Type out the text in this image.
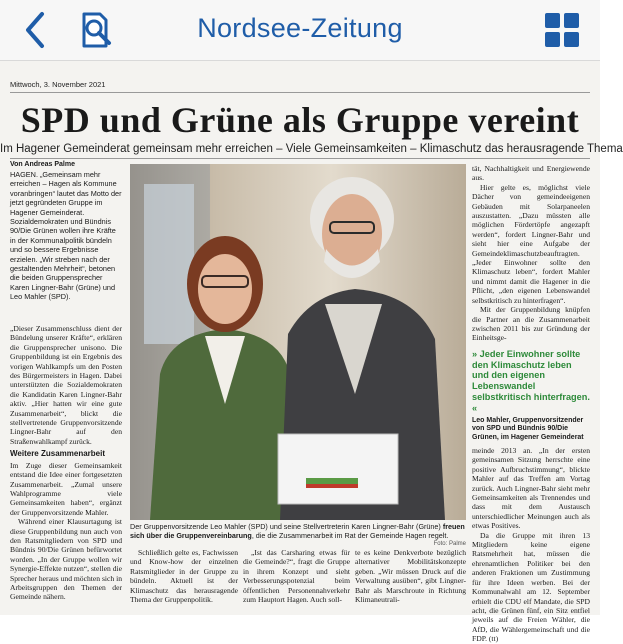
Nordsee-Zeitung
Mittwoch, 3. November 2021
SPD und Grüne als Gruppe vereint
Im Hagener Gemeinderat gemeinsam mehr erreichen – Viele Gemeinsamkeiten – Klimaschutz das herausragende Thema
Von Andreas Palme

HAGEN. „Gemeinsam mehr erreichen – Hagen als Kommune voranbringen“ lautet das Motto der jetzt gegründeten Gruppe im Hagener Gemeinderat. Sozialdemokraten und Bündnis 90/Die Grünen wollen ihre Kräfte in der Kommunalpolitik bündeln und so bessere Ergebnisse erzielen. „Wir streben nach der gestaltenden Mehrheit“, betonen die beiden Gruppensprecher Karen Lingner-Bahr (Grüne) und Leo Mahler (SPD).

„Dieser Zusammenschluss dient der Bündelung unserer Kräfte“, erklären die Gruppensprecher unisono. Die Gruppenbildung ist ein Ergebnis des vorigen Wahlkampfs um den Posten des Bürgermeisters in Hagen. Dabei unterstützten die Sozialdemokraten die Kandidatin Karen Lingner-Bahr aktiv. „Hier hatten wir eine gute Zusammenarbeit“, blickt die stellvertretende Gruppenvorsitzende Lingner-Bahr auf den Straßenwahlkampf zurück.

Weitere Zusammenarbeit

Im Zuge dieser Gemeinsamkeit entstand die Idee einer fortgesetzten Zusammenarbeit. „Zumal unsere Wahlprogramme viele Gemeinsamkeiten haben“, ergänzt der Gruppenvorsitzende Mahler.

Während einer Klausurtagung ist diese Gruppenbildung nun auch von den Ratsmitgliedern von SPD und Bündnis 90/Die Grünen befürwortet worden. „In der Gruppe wollen wir Synergie-Effekte nutzen“, stellen die Sprecher heraus und möchten sich in Arbeitsgruppen den Themen der Gemeinde nähern.

Der Gruppenvorsitzende Leo Mahler (SPD) und seine Stellvertreterin Karen Lingner-Bahr (Grüne) freuen sich über die Gruppenvereinbarung, die die Zusammenarbeit im Rat der Gemeinde Hagen regelt.
Foto: Palme

tät, Nachhaltigkeit und Energiewende aus.

Hier gelte es, möglichst viele Dächer von gemeindeeigenen Gebäuden mit Solarpaneelen auszustatten. „Dazu müssten alle möglichen Fördertöpfe angezapft werden“, fordert Lingner-Bahr und sieht hier eine Aufgabe der Gemeindeklimaschutzbeauftragten. „Jeder Einwohner sollte den Klimaschutz leben“, fordert Mahler und nimmt damit die Hagener in die Pflicht, „den eigenen Lebenswandel selbstkritisch zu hinterfragen“.

Mit der Gruppenbildung knüpfen die Partner an die Zusammenarbeit zwischen 2011 bis zur Gründung der Einheitsge-

» Jeder Einwohner sollte den Klimaschutz leben und den eigenen Lebenswandel selbstkritisch hinterfragen. «
Leo Mahler, Gruppenvorsitzender von SPD und Bündnis 90/Die Grünen, im Hagener Gemeinderat

meinde 2013 an. „In der ersten gemeinsamen Sitzung herrschte eine positive Aufbruchstimmung“, blickte Mahler auf das Treffen am Vortag zurück. Auch Lingner-Bahr sieht mehr Gemeinsamkeiten als Trennendes und dass mit dem Austausch unterschiedlicher Meinungen auch als etwas Positives.

Da die Gruppe mit ihren 13 Mitgliedern keine eigene Ratsmehrheit hat, müssen die ehrenamtlichen Politiker bei den anderen Fraktionen um Zustimmung für ihre Ideen werben. Bei der Kommunalwahl am 12. September erhielt die CDU elf Mandate, die SPD acht, die Grünen fünf, ein Sitz entfiel jeweils auf die Freien Wähler, die AfD, die Wählergemeinschaft und die FDP. (tt)

Schließlich gelte es, Fachwissen und Know-how der einzelnen Ratsmitglieder in der Gruppe zu bündeln. Aktuell ist der Klimaschutz das herausragende Thema der Gruppenpolitik.

„Ist das Carsharing etwas für die Gemeinde?“, fragt die Gruppe in ihrem Konzept und sieht Verbesserungspotenzial beim öffentlichen Personennahverkehr zum Hauptort Hagen. Auch soll-

te es keine Denkverbote bezüglich alternativer Mobilitätskonzepte geben. „Wir müssen Druck auf die Verwaltung ausüben“, gibt Lingner-Bahr als Marschroute in Richtung Klimaneutrali-
